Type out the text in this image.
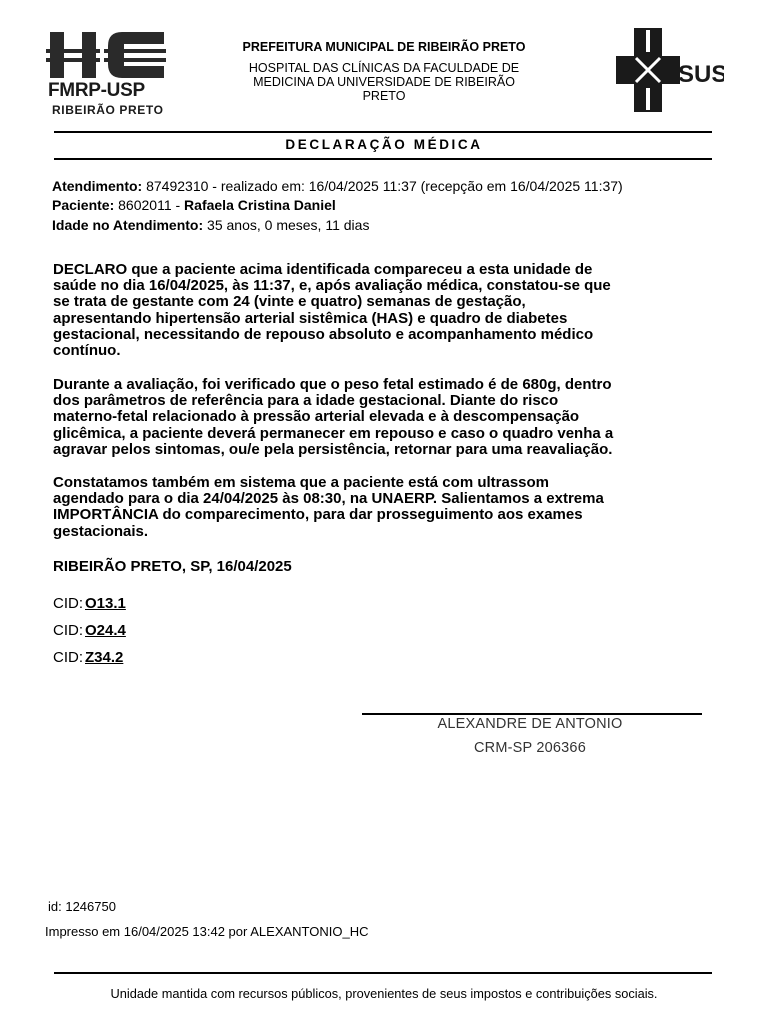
FMRP-USP
RIBEIRÃO PRETO
PREFEITURA MUNICIPAL DE RIBEIRÃO PRETO
HOSPITAL DAS CLÍNICAS DA FACULDADE DE
MEDICINA DA UNIVERSIDADE DE RIBEIRÃO
PRETO
SUS
DECLARAÇÃO MÉDICA
Atendimento: 87492310 - realizado em: 16/04/2025 11:37 (recepção em 16/04/2025 11:37)
Paciente: 8602011 - Rafaela Cristina Daniel
Idade no Atendimento: 35 anos, 0 meses, 11 dias
DECLARO que a paciente acima identificada compareceu a esta unidade de
saúde no dia 16/04/2025, às 11:37, e, após avaliação médica, constatou-se que
se trata de gestante com 24 (vinte e quatro) semanas de gestação,
apresentando hipertensão arterial sistêmica (HAS) e quadro de diabetes
gestacional, necessitando de repouso absoluto e acompanhamento médico
contínuo.
Durante a avaliação, foi verificado que o peso fetal estimado é de 680g, dentro
dos parâmetros de referência para a idade gestacional. Diante do risco
materno-fetal relacionado à pressão arterial elevada e à descompensação
glicêmica, a paciente deverá permanecer em repouso e caso o quadro venha a
agravar pelos sintomas, ou/e pela persistência, retornar para uma reavaliação.
Constatamos também em sistema que a paciente está com ultrassom
agendado para o dia 24/04/2025 às 08:30, na UNAERP. Salientamos a extrema
IMPORTÂNCIA do comparecimento, para dar prosseguimento aos exames
gestacionais.
RIBEIRÃO PRETO, SP, 16/04/2025
CID: O13.1
CID: O24.4
CID: Z34.2
ALEXANDRE DE ANTONIO
CRM-SP 206366
id: 1246750
Impresso em 16/04/2025 13:42 por ALEXANTONIO_HC
Unidade mantida com recursos públicos, provenientes de seus impostos e contribuições sociais.
